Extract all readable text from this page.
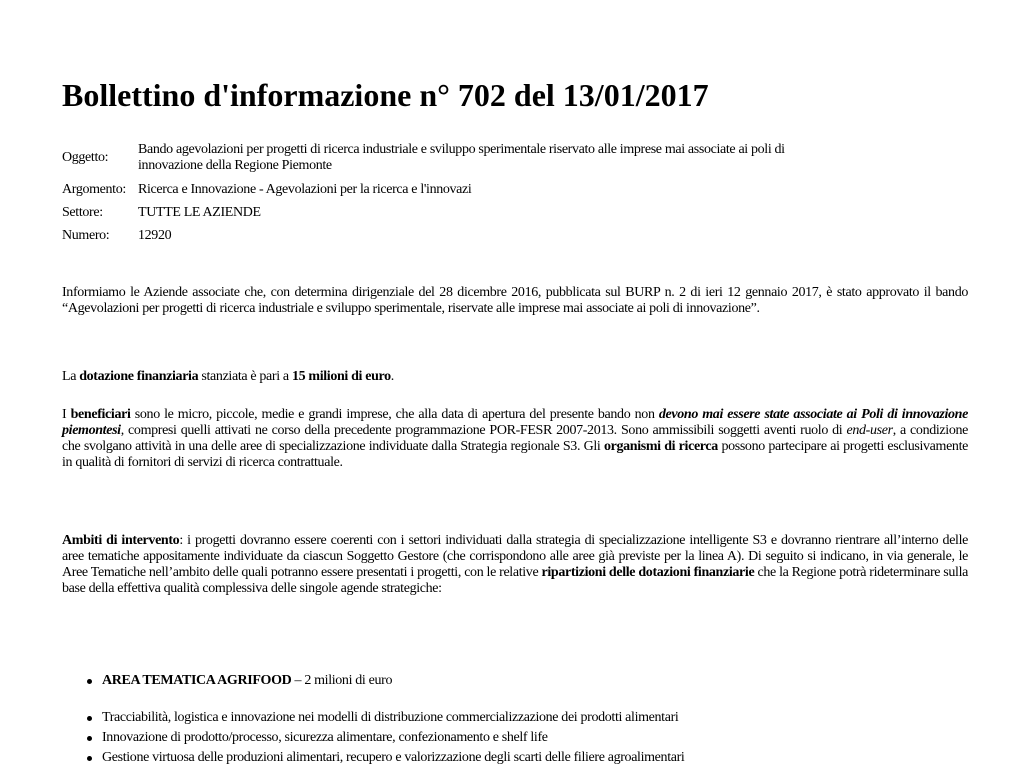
Bollettino d'informazione n° 702 del 13/01/2017
Oggetto:	Bando agevolazioni per progetti di ricerca industriale e sviluppo sperimentale riservato alle imprese mai associate ai poli di
innovazione della Regione Piemonte

Argomento:	Ricerca e Innovazione - Agevolazioni per la ricerca e l'innovazi
Settore:	TUTTE LE AZIENDE
Numero:	12920

Informiamo le Aziende associate che, con determina dirigenziale del 28 dicembre 2016, pubblicata sul BURP n. 2 di ieri 12 gennaio 2017, è stato approvato il bando “Agevolazioni per progetti di ricerca industriale e sviluppo sperimentale, riservate alle imprese mai associate ai poli di innovazione”.

La dotazione finanziaria stanziata è pari a 15 milioni di euro.

I beneficiari sono le micro, piccole, medie e grandi imprese, che alla data di apertura del presente bando non devono mai essere state associate ai Poli di innovazione piemontesi, compresi quelli attivati ne corso della precedente programmazione POR-FESR 2007-2013. Sono ammissibili soggetti aventi ruolo di end-user, a condizione che svolgano attività in una delle aree di specializzazione individuate dalla Strategia regionale S3. Gli organismi di ricerca possono partecipare ai progetti esclusivamente in qualità di fornitori di servizi di ricerca contrattuale.

Ambiti di intervento: i progetti dovranno essere coerenti con i settori individuati dalla strategia di specializzazione intelligente S3 e dovranno rientrare all’interno delle aree tematiche appositamente individuate da ciascun Soggetto Gestore (che corrispondono alle aree già previste per la linea A). Di seguito si indicano, in via generale, le Aree Tematiche nell’ambito delle quali potranno essere presentati i progetti, con le relative ripartizioni delle dotazioni finanziarie che la Regione potrà rideterminare sulla base della effettiva qualità complessiva delle singole agende strategiche:

AREA TEMATICA AGRIFOOD – 2 milioni di euro
Tracciabilità, logistica e innovazione nei modelli di distribuzione commercializzazione dei prodotti alimentari
Innovazione di prodotto/processo, sicurezza alimentare, confezionamento e shelf life
Gestione virtuosa delle produzioni alimentari, recupero e valorizzazione degli scarti delle filiere agroalimentari
